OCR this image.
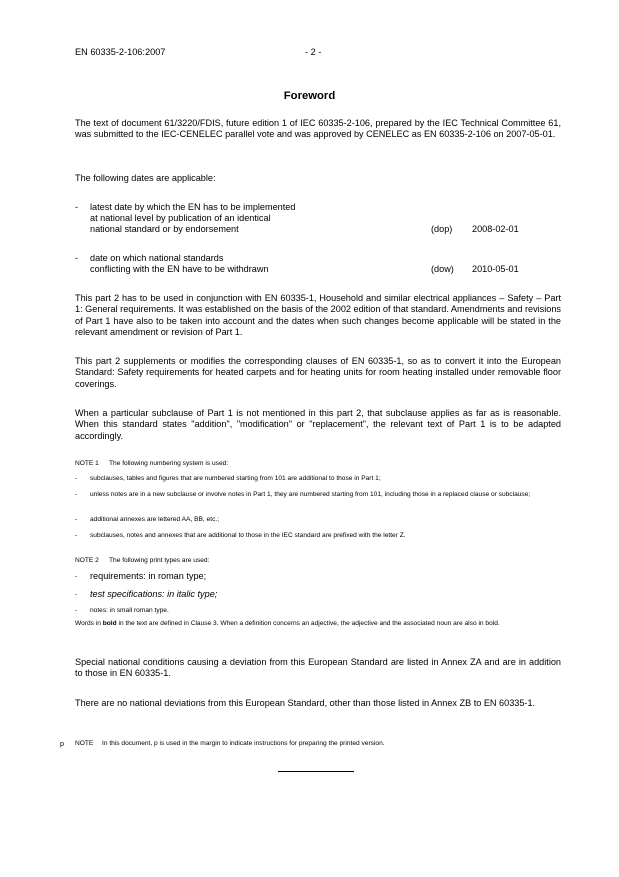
EN 60335-2-106:2007	- 2 -
Foreword
The text of document 61/3220/FDIS, future edition 1 of IEC 60335-2-106, prepared by the IEC Technical Committee 61, was submitted to the IEC-CENELEC parallel vote and was approved by CENELEC as EN 60335-2-106 on 2007-05-01.
The following dates are applicable:
- latest date by which the EN has to be implemented
at national level by publication of an identical
national standard or by endorsement	(dop) 2008-02-01
- date on which national standards
conflicting with the EN have to be withdrawn	(dow) 2010-05-01
This part 2 has to be used in conjunction with EN 60335-1, Household and similar electrical appliances – Safety – Part 1: General requirements. It was established on the basis of the 2002 edition of that standard. Amendments and revisions of Part 1 have also to be taken into account and the dates when such changes become applicable will be stated in the relevant amendment or revision of Part 1.
This part 2 supplements or modifies the corresponding clauses of EN 60335-1, so as to convert it into the European Standard: Safety requirements for heated carpets and for heating units for room heating installed under removable floor coverings.
When a particular subclause of Part 1 is not mentioned in this part 2, that subclause applies as far as is reasonable. When this standard states "addition", "modification" or "replacement", the relevant text of Part 1 is to be adapted accordingly.
NOTE 1 The following numbering system is used:
- subclauses, tables and figures that are numbered starting from 101 are additional to those in Part 1;
- unless notes are in a new subclause or involve notes in Part 1, they are numbered starting from 101, including those in a replaced clause or subclause;
- additional annexes are lettered AA, BB, etc.;
- subclauses, notes and annexes that are additional to those in the IEC standard are prefixed with the letter Z.
NOTE 2 The following print types are used:
- requirements: in roman type;
- test specifications: in italic type;
- notes: in small roman type.
Words in bold in the text are defined in Clause 3. When a definition concerns an adjective, the adjective and the associated noun are also in bold.
Special national conditions causing a deviation from this European Standard are listed in Annex ZA and are in addition to those in EN 60335-1.
There are no national deviations from this European Standard, other than those listed in Annex ZB to EN 60335-1.
p NOTE In this document, p is used in the margin to indicate instructions for preparing the printed version.
